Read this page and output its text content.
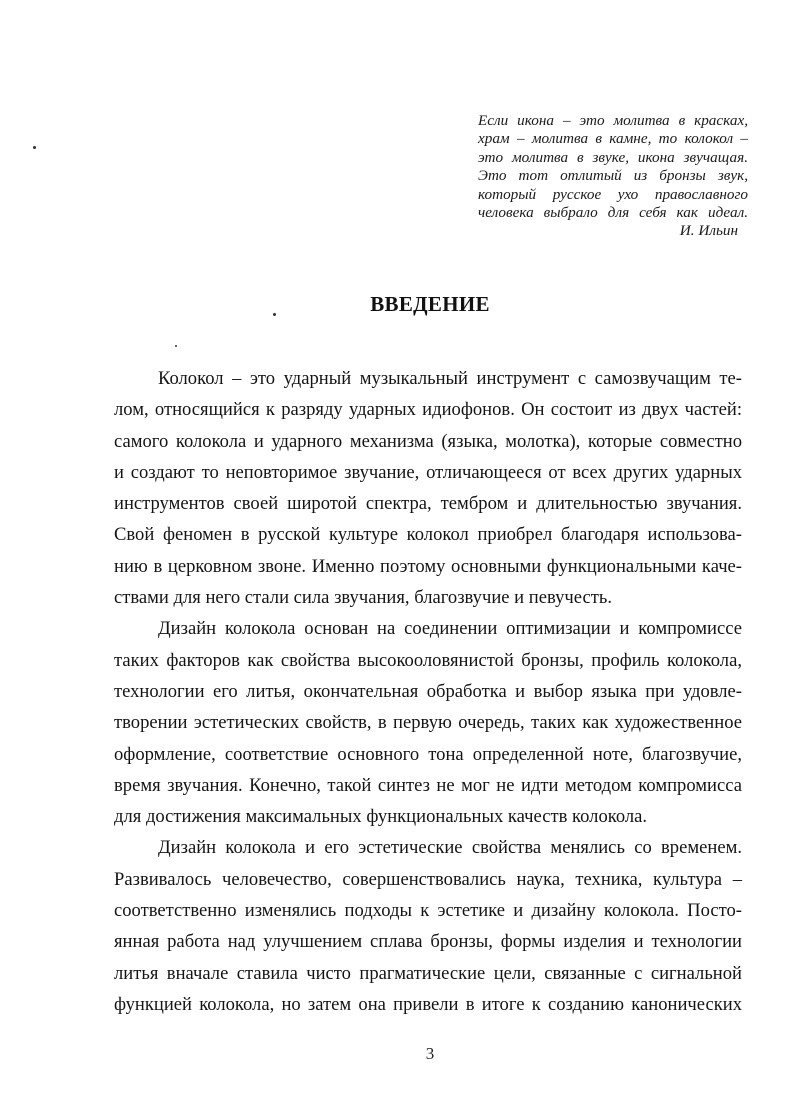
Если икона – это молитва в красках,
храм – молитва в камне, то колокол –
это молитва в звуке, икона звучащая.
Это тот отлитый из бронзы звук,
который русское ухо православного
человека выбрало для себя как идеал.
И. Ильин
ВВЕДЕНИЕ
Колокол – это ударный музыкальный инструмент с самозвучащим те-
лом, относящийся к разряду ударных идиофонов. Он состоит из двух частей:
самого колокола и ударного механизма (языка, молотка), которые совместно
и создают то неповторимое звучание, отличающееся от всех других ударных
инструментов своей широтой спектра, тембром и длительностью звучания.
Свой феномен в русской культуре колокол приобрел благодаря использова-
нию в церковном звоне. Именно поэтому основными функциональными каче-
ствами для него стали сила звучания, благозвучие и певучесть.
Дизайн колокола основан на соединении оптимизации и компромиссе
таких факторов как свойства высокооловянистой бронзы, профиль колокола,
технологии его литья, окончательная обработка и выбор языка при удовле-
творении эстетических свойств, в первую очередь, таких как художественное
оформление, соответствие основного тона определенной ноте, благозвучие,
время звучания. Конечно, такой синтез не мог не идти методом компромисса
для достижения максимальных функциональных качеств колокола.
Дизайн колокола и его эстетические свойства менялись со временем.
Развивалось человечество, совершенствовались наука, техника, культура –
соответственно изменялись подходы к эстетике и дизайну колокола. Посто-
янная работа над улучшением сплава бронзы, формы изделия и технологии
литья вначале ставила чисто прагматические цели, связанные с сигнальной
функцией колокола, но затем она привели в итоге к созданию канонических
3
